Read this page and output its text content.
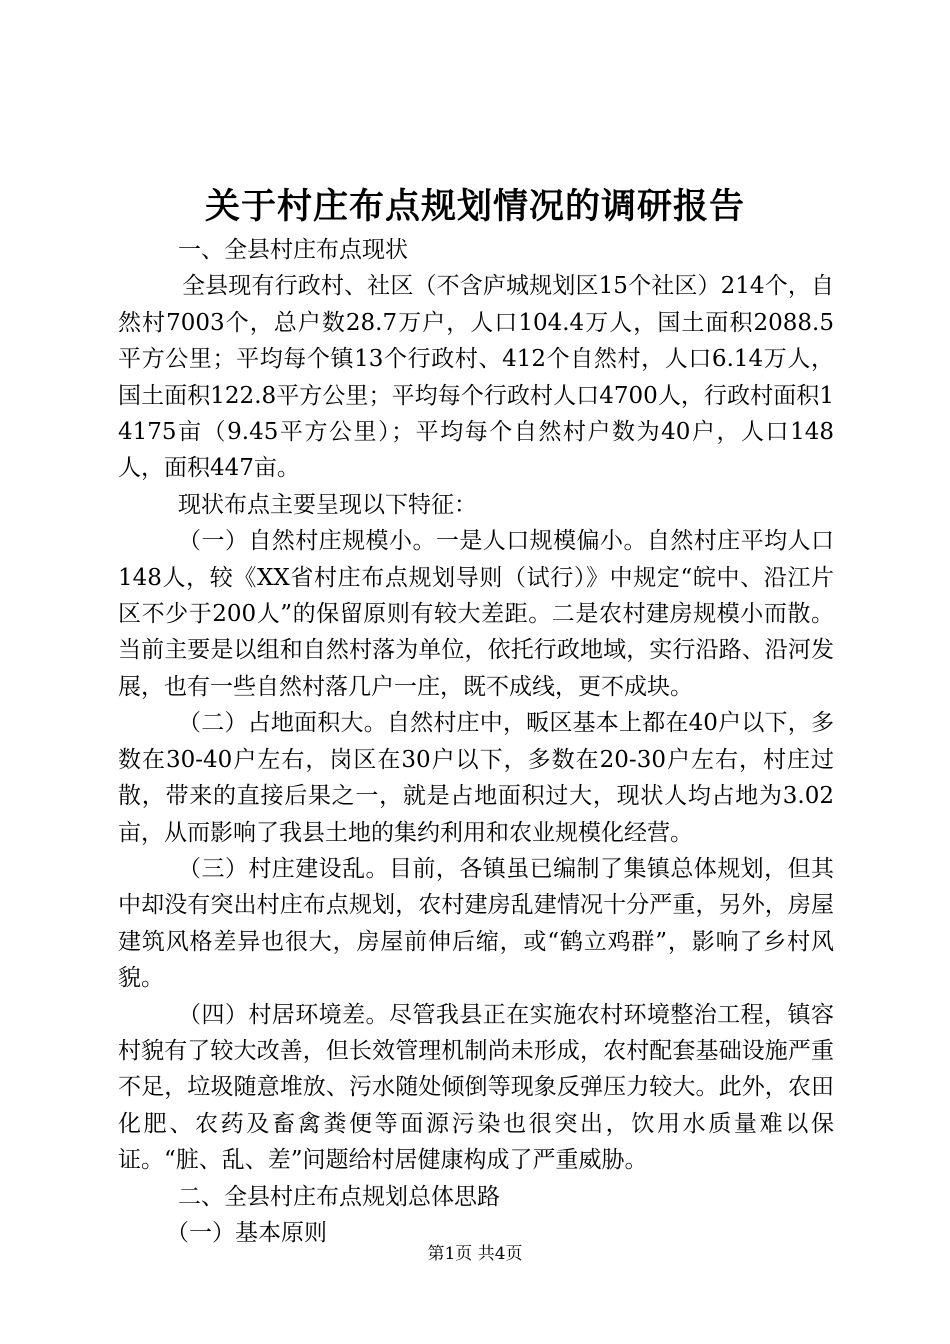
关于村庄布点规划情况的调研报告

一、全县村庄布点现状

全县现有行政村、社区（不含庐城规划区15个社区）214个，自然村7003个，总户数28.7万户，人口104.4万人，国土面积2088.5平方公里；平均每个镇13个行政村、412个自然村，人口6.14万人，国土面积122.8平方公里；平均每个行政村人口4700人，行政村面积14175亩（9.45平方公里）；平均每个自然村户数为40户，人口148人，面积447亩。

现状布点主要呈现以下特征：

（一）自然村庄规模小。一是人口规模偏小。自然村庄平均人口148人，较《XX省村庄布点规划导则（试行）》中规定“皖中、沿江片区不少于200人”的保留原则有较大差距。二是农村建房规模小而散。当前主要是以组和自然村落为单位，依托行政地域，实行沿路、沿河发展，也有一些自然村落几户一庄，既不成线，更不成块。

（二）占地面积大。自然村庄中，畈区基本上都在40户以下，多数在30-40户左右，岗区在30户以下，多数在20-30户左右，村庄过散，带来的直接后果之一，就是占地面积过大，现状人均占地为3.02亩，从而影响了我县土地的集约利用和农业规模化经营。

（三）村庄建设乱。目前，各镇虽已编制了集镇总体规划，但其中却没有突出村庄布点规划，农村建房乱建情况十分严重，另外，房屋建筑风格差异也很大，房屋前伸后缩，或“鹤立鸡群”，影响了乡村风貌。

（四）村居环境差。尽管我县正在实施农村环境整治工程，镇容村貌有了较大改善，但长效管理机制尚未形成，农村配套基础设施严重不足，垃圾随意堆放、污水随处倾倒等现象反弹压力较大。此外，农田化肥、农药及畜禽粪便等面源污染也很突出，饮用水质量难以保证。“脏、乱、差”问题给村居健康构成了严重威胁。

二、全县村庄布点规划总体思路

（一）基本原则

第1页 共4页
